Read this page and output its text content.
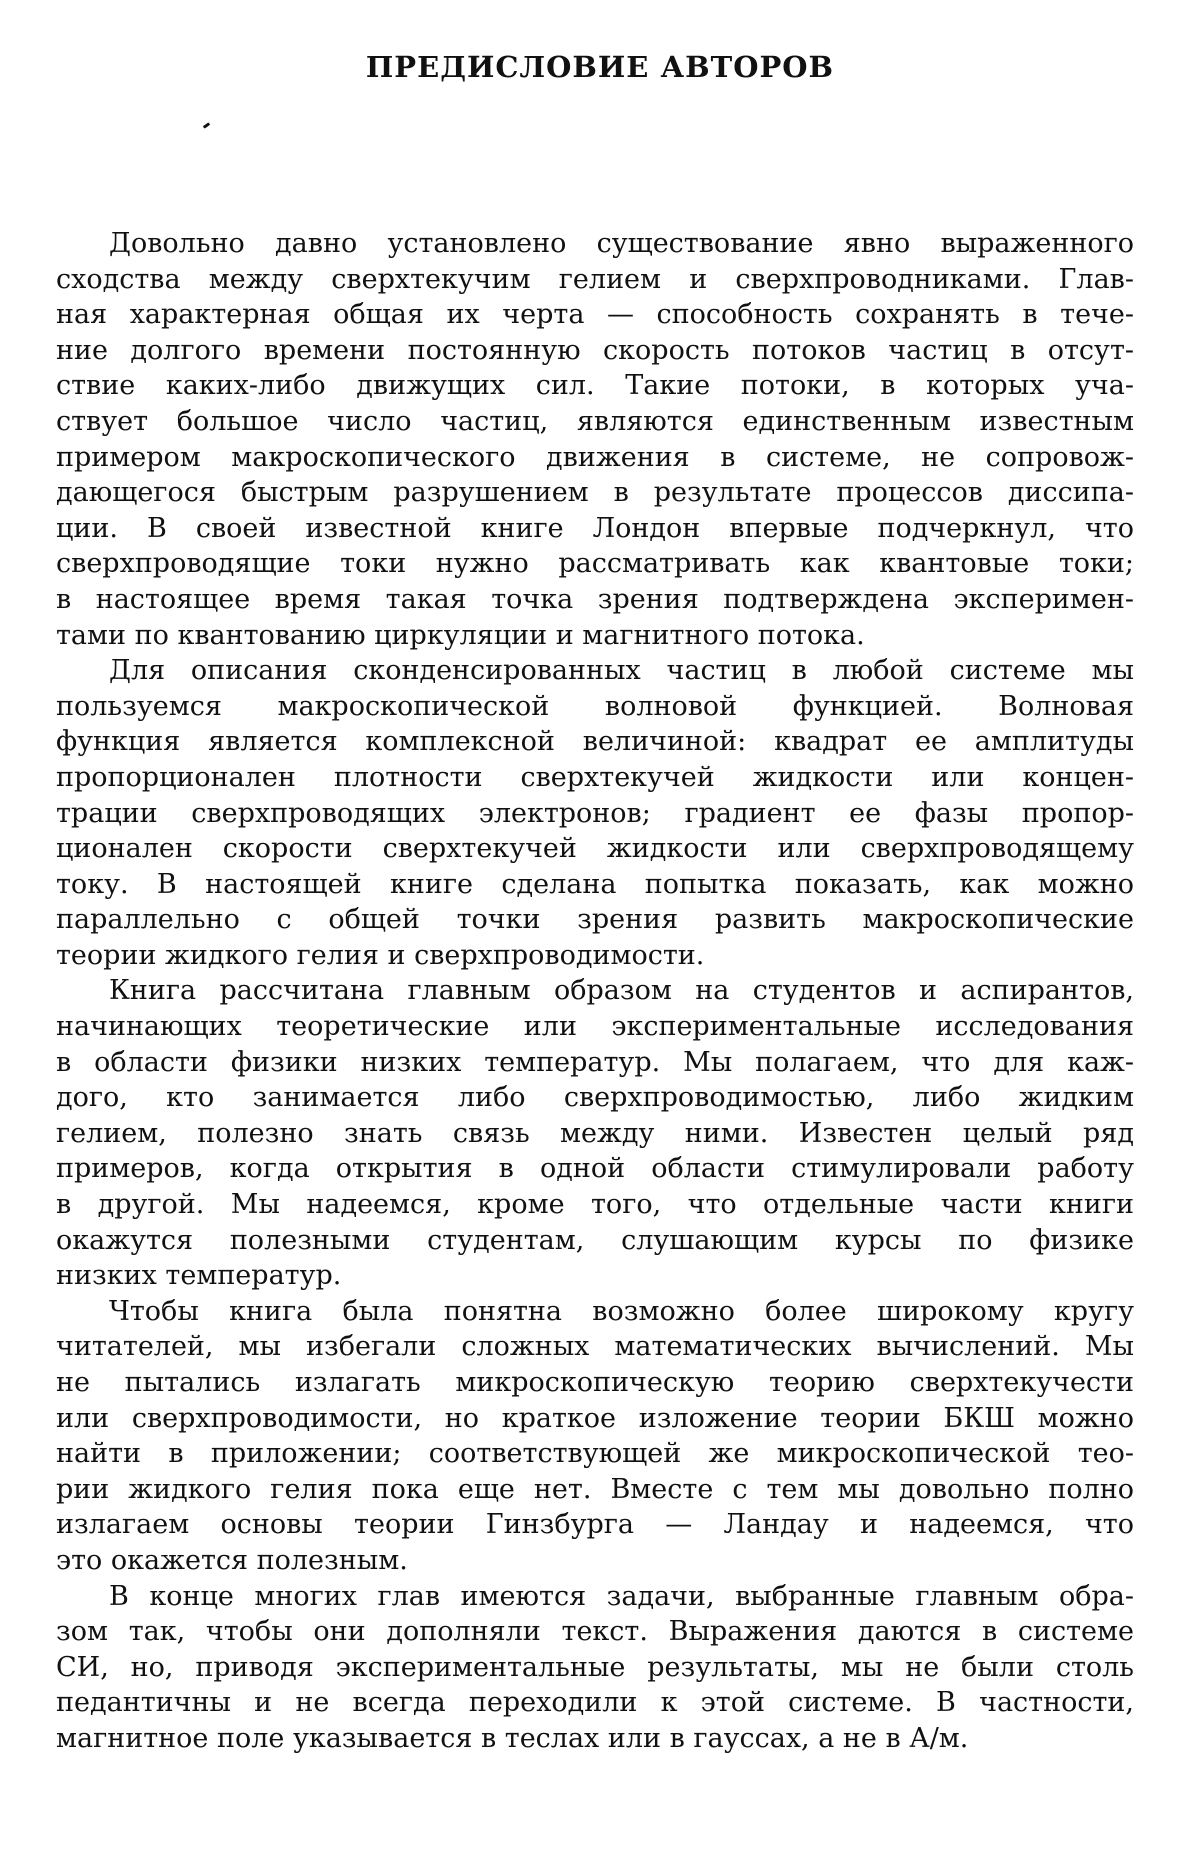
ПРЕДИСЛОВИЕ АВТОРОВ
Довольно давно установлено существование явно выраженного
сходства между сверхтекучим гелием и сверхпроводниками. Глав-
ная характерная общая их черта — способность сохранять в тече-
ние долгого времени постоянную скорость потоков частиц в отсут-
ствие каких-либо движущих сил. Такие потоки, в которых уча-
ствует большое число частиц, являются единственным известным
примером макроскопического движения в системе, не сопровож-
дающегося быстрым разрушением в результате процессов диссипа-
ции. В своей известной книге Лондон впервые подчеркнул, что
сверхпроводящие токи нужно рассматривать как квантовые токи;
в настоящее время такая точка зрения подтверждена эксперимен-
тами по квантованию циркуляции и магнитного потока.
Для описания сконденсированных частиц в любой системе мы
пользуемся макроскопической волновой функцией. Волновая
функция является комплексной величиной: квадрат ее амплитуды
пропорционален плотности сверхтекучей жидкости или концен-
трации сверхпроводящих электронов; градиент ее фазы пропор-
ционален скорости сверхтекучей жидкости или сверхпроводящему
току. В настоящей книге сделана попытка показать, как можно
параллельно с общей точки зрения развить макроскопические
теории жидкого гелия и сверхпроводимости.
Книга рассчитана главным образом на студентов и аспирантов,
начинающих теоретические или экспериментальные исследования
в области физики низких температур. Мы полагаем, что для каж-
дого, кто занимается либо сверхпроводимостью, либо жидким
гелием, полезно знать связь между ними. Известен целый ряд
примеров, когда открытия в одной области стимулировали работу
в другой. Мы надеемся, кроме того, что отдельные части книги
окажутся полезными студентам, слушающим курсы по физике
низких температур.
Чтобы книга была понятна возможно более широкому кругу
читателей, мы избегали сложных математических вычислений. Мы
не пытались излагать микроскопическую теорию сверхтекучести
или сверхпроводимости, но краткое изложение теории БКШ можно
найти в приложении; соответствующей же микроскопической тео-
рии жидкого гелия пока еще нет. Вместе с тем мы довольно полно
излагаем основы теории Гинзбурга — Ландау и надеемся, что
это окажется полезным.
В конце многих глав имеются задачи, выбранные главным обра-
зом так, чтобы они дополняли текст. Выражения даются в системе
СИ, но, приводя экспериментальные результаты, мы не были столь
педантичны и не всегда переходили к этой системе. В частности,
магнитное поле указывается в теслах или в гауссах, а не в А/м.
